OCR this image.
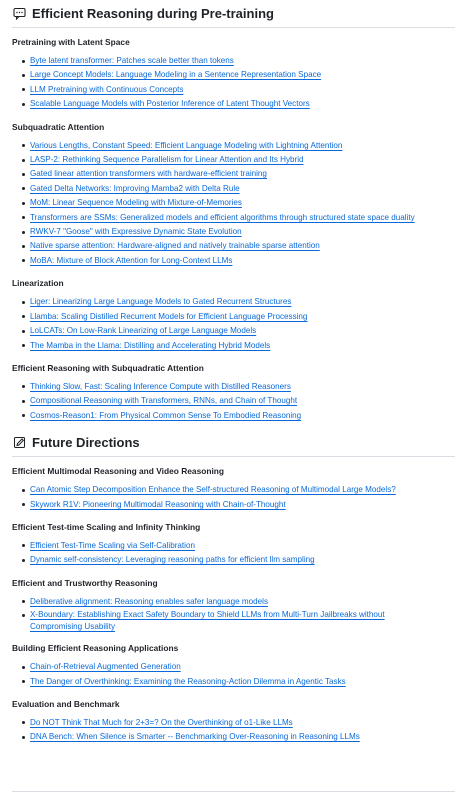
Efficient Reasoning during Pre-training
Pretraining with Latent Space
Byte latent transformer: Patches scale better than tokens
Large Concept Models: Language Modeling in a Sentence Representation Space
LLM Pretraining with Continuous Concepts
Scalable Language Models with Posterior Inference of Latent Thought Vectors
Subquadratic Attention
Various Lengths, Constant Speed: Efficient Language Modeling with Lightning Attention
LASP-2: Rethinking Sequence Parallelism for Linear Attention and Its Hybrid
Gated linear attention transformers with hardware-efficient training
Gated Delta Networks: Improving Mamba2 with Delta Rule
MoM: Linear Sequence Modeling with Mixture-of-Memories
Transformers are SSMs: Generalized models and efficient algorithms through structured state space duality
RWKV-7 "Goose" with Expressive Dynamic State Evolution
Native sparse attention: Hardware-aligned and natively trainable sparse attention
MoBA: Mixture of Block Attention for Long-Context LLMs
Linearization
Liger: Linearizing Large Language Models to Gated Recurrent Structures
Llamba: Scaling Distilled Recurrent Models for Efficient Language Processing
LoLCATs: On Low-Rank Linearizing of Large Language Models
The Mamba in the Llama: Distilling and Accelerating Hybrid Models
Efficient Reasoning with Subquadratic Attention
Thinking Slow, Fast: Scaling Inference Compute with Distilled Reasoners
Compositional Reasoning with Transformers, RNNs, and Chain of Thought
Cosmos-Reason1: From Physical Common Sense To Embodied Reasoning
Future Directions
Efficient Multimodal Reasoning and Video Reasoning
Can Atomic Step Decomposition Enhance the Self-structured Reasoning of Multimodal Large Models?
Skywork R1V: Pioneering Multimodal Reasoning with Chain-of-Thought
Efficient Test-time Scaling and Infinity Thinking
Efficient Test-Time Scaling via Self-Calibration
Dynamic self-consistency: Leveraging reasoning paths for efficient llm sampling
Efficient and Trustworthy Reasoning
Deliberative alignment: Reasoning enables safer language models
X-Boundary: Establishing Exact Safety Boundary to Shield LLMs from Multi-Turn Jailbreaks without Compromising Usability
Building Efficient Reasoning Applications
Chain-of-Retrieval Augmented Generation
The Danger of Overthinking: Examining the Reasoning-Action Dilemma in Agentic Tasks
Evaluation and Benchmark
Do NOT Think That Much for 2+3=? On the Overthinking of o1-Like LLMs
DNA Bench: When Silence is Smarter -- Benchmarking Over-Reasoning in Reasoning LLMs
